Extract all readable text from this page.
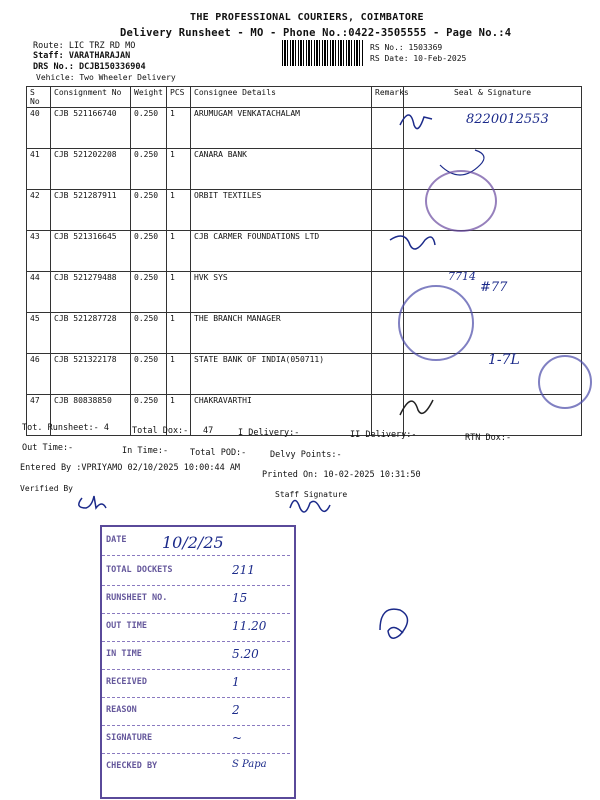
THE PROFESSIONAL COURIERS, COIMBATORE
Delivery Runsheet - MO - Phone No.:0422-3505555 - Page No.:4
Route: LIC TRZ RD MO
Staff: VARATHARAJAN
DRS No.: DCJB150336904
Vehicle: Two Wheeler Delivery
RS No.: 1503369
RS Date: 10-Feb-2025
S No	Consignment No	Weight	PCS	Consignee Details	Remarks	Seal & Signature
40	CJB 521166740	0.250	1	ARUMUGAM VENKATACHALAM		
41	CJB 521202208	0.250	1	CANARA BANK		
42	CJB 521287911	0.250	1	ORBIT TEXTILES		
43	CJB 521316645	0.250	1	CJB CARMER FOUNDATIONS LTD		
44	CJB 521279488	0.250	1	HVK SYS		
45	CJB 521287728	0.250	1	THE BRANCH MANAGER		
46	CJB 521322178	0.250	1	STATE BANK OF INDIA(050711)		
47	CJB 80838850	0.250	1	CHAKRAVARTHI		
8220012553
7714
#77
1-7L
Tot. Runsheet:- 4	Total Dox:- 47	I Delivery:-	II Delivery:-	RTN Dox:-
Out Time:-	In Time:-	Total POD:-	Delvy Points:-
Entered By :VPRIYAMO 02/10/2025 10:00:44 AM
Printed On: 10-02-2025 10:31:50
Verified By
Staff Signature
DATE 10/2/25
TOTAL DOCKETS	211
RUNSHEET NO.	15
OUT TIME	11.20
IN TIME	5.20
RECEIVED	1
REASON	2
SIGNATURE	~
CHECKED BY	S Papa
